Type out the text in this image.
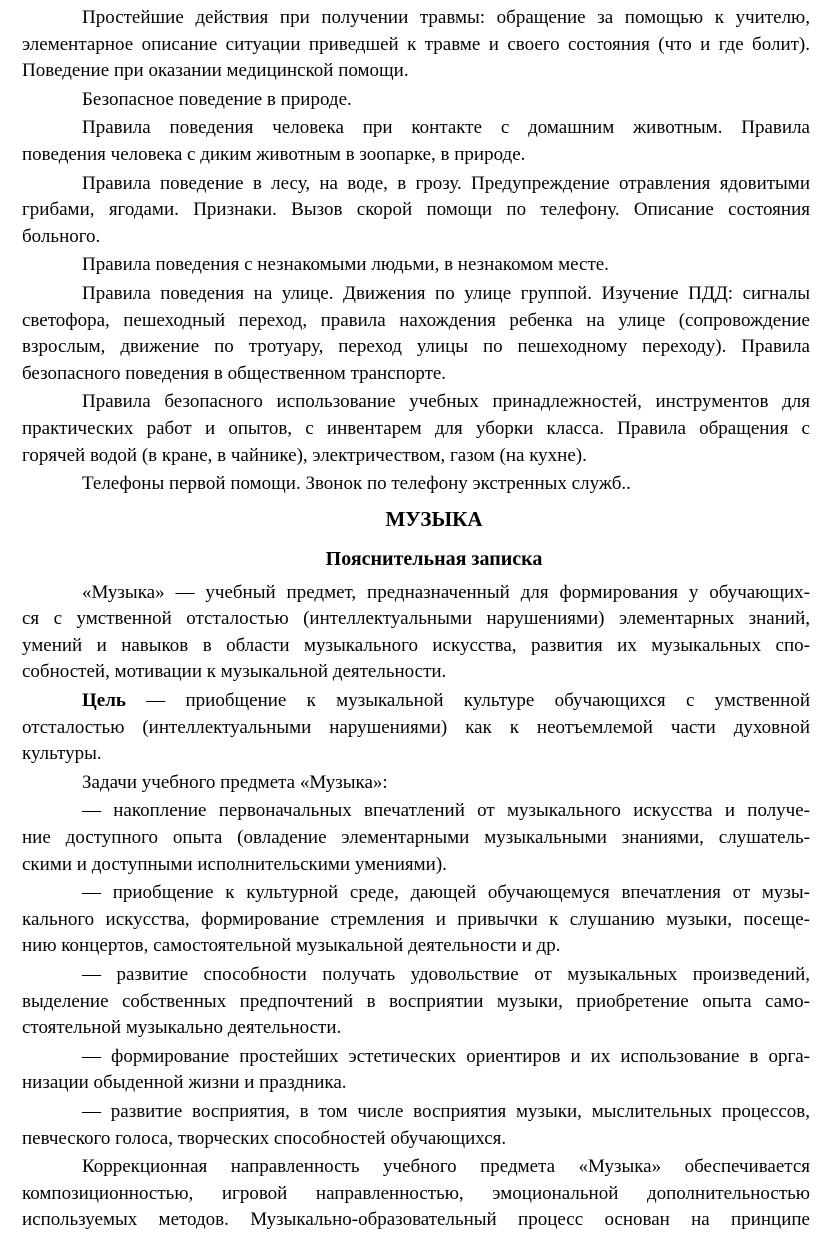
Простейшие действия при получении травмы: обращение за помощью к учителю,
элементарное описание ситуации приведшей к травме и своего состояния (что и где болит).
Поведение при оказании медицинской помощи.
Безопасное поведение в природе.
Правила поведения человека при контакте с домашним животным. Правила
поведения человека с диким животным в зоопарке, в природе.
Правила поведение в лесу, на воде, в грозу. Предупреждение отравления ядовитыми
грибами, ягодами. Признаки. Вызов скорой помощи по телефону. Описание состояния
больного.
Правила поведения с незнакомыми людьми, в незнакомом месте.
Правила поведения на улице. Движения по улице группой. Изучение ПДД: сигналы
светофора, пешеходный переход, правила нахождения ребенка на улице (сопровождение
взрослым, движение по тротуару, переход улицы по пешеходному переходу). Правила
безопасного поведения в общественном транспорте.
Правила безопасного использование учебных принадлежностей, инструментов для
практических работ и опытов, с инвентарем для уборки класса. Правила обращения с
горячей водой (в кране, в чайнике), электричеством, газом (на кухне).
Телефоны первой помощи. Звонок по телефону экстренных служб..
МУЗЫКА
Пояснительная записка
«Музыка» — учебный предмет, предназначенный для формирования у обучающих-
ся с умственной отсталостью (интеллектуальными нарушениями) элементарных знаний,
умений и навыков в области музыкального искусства, развития их музыкальных спо-
собностей, мотивации к музыкальной деятельности.
Цель — приобщение к музыкальной культуре обучающихся с умственной
отсталостью (интеллектуальными нарушениями) как к неотъемлемой части духовной
культуры.
Задачи учебного предмета «Музыка»:
— накопление первоначальных впечатлений от музыкального искусства и получе-
ние доступного опыта (овладение элементарными музыкальными знаниями, слушатель-
скими и доступными исполнительскими умениями).
— приобщение к культурной среде, дающей обучающемуся впечатления от музы-
кального искусства, формирование стремления и привычки к слушанию музыки, посеще-
нию концертов, самостоятельной музыкальной деятельности и др.
— развитие способности получать удовольствие от музыкальных произведений,
выделение собственных предпочтений в восприятии музыки, приобретение опыта само-
стоятельной музыкально деятельности.
— формирование простейших эстетических ориентиров и их использование в орга-
низации обыденной жизни и праздника.
— развитие восприятия, в том числе восприятия музыки, мыслительных процессов,
певческого голоса, творческих способностей обучающихся.
Коррекционная направленность учебного предмета «Музыка» обеспечивается
композиционностью, игровой направленностью, эмоциональной дополнительностью
используемых методов. Музыкально-образовательный процесс основан на принципе
